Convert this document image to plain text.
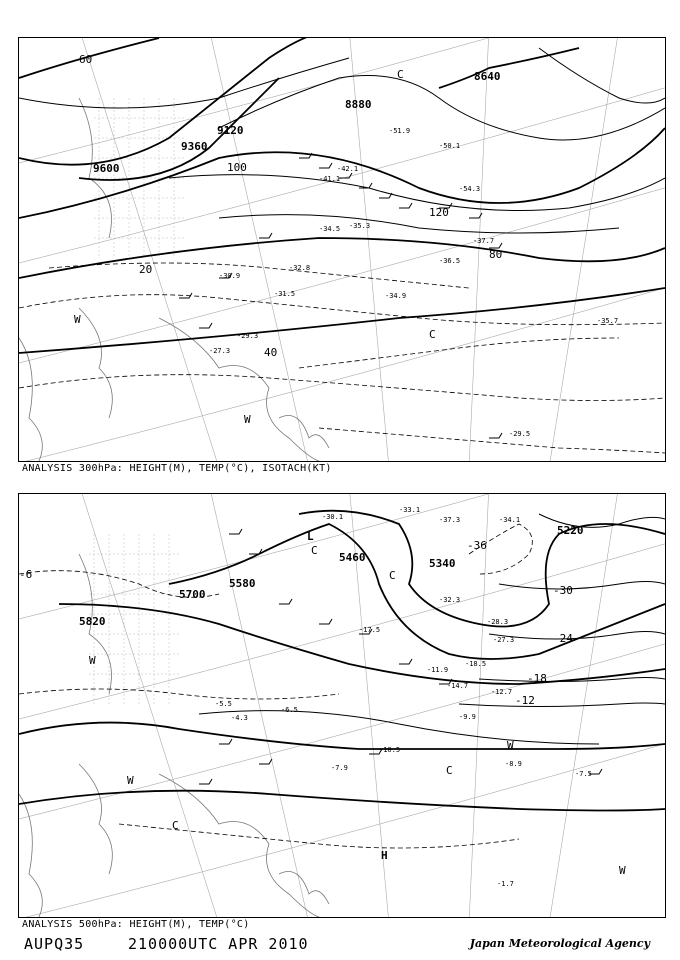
8640
8880
9120
9360
9600
20
40
60
80
100
120
C
C
W
W
-41.1
-42.1
-35.3
-34.5
-36.5
-32.8
-31.5
-30.9
-29.3
-27.3
-35.7
-34.9
-29.5
-54.3
-51.9
-50.1
-37.7
ANALYSIS 300hPa: HEIGHT(M), TEMP(°C), ISOTACH(KT)
5220
5340
5460
5580
5700
5820
-36
-30
-24
-18
-12
-6
L
C
C
C
C
H
W
W
W
W
-30.1
-33.1
-34.1
-37.3
-32.3
-28.3
-27.3
-18.5
-14.7
-12.7
-10.5
-9.9
-8.9
-7.9
-7.5
-6.5
-5.5
-4.3
-1.7
-11.9
-17.5
ANALYSIS 500hPa: HEIGHT(M), TEMP(°C)
AUPQ35	210000UTC APR 2010	Japan Meteorological Agency
